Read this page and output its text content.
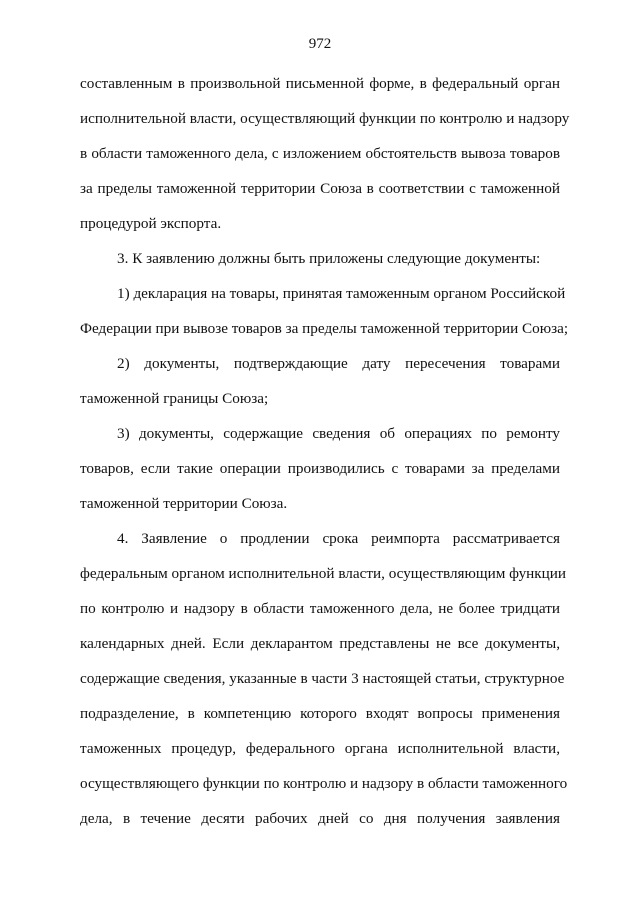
972
составленным в произвольной письменной форме, в федеральный орган
исполнительной власти, осуществляющий функции по контролю и надзору
в области таможенного дела, с изложением обстоятельств вывоза товаров
за пределы таможенной территории Союза в соответствии с таможенной
процедурой экспорта.
3. К заявлению должны быть приложены следующие документы:
1) декларация на товары, принятая таможенным органом Российской
Федерации при вывозе товаров за пределы таможенной территории Союза;
2) документы, подтверждающие дату пересечения товарами
таможенной границы Союза;
3) документы, содержащие сведения об операциях по ремонту
товаров, если такие операции производились с товарами за пределами
таможенной территории Союза.
4. Заявление о продлении срока реимпорта рассматривается
федеральным органом исполнительной власти, осуществляющим функции
по контролю и надзору в области таможенного дела, не более тридцати
календарных дней. Если декларантом представлены не все документы,
содержащие сведения, указанные в части 3 настоящей статьи, структурное
подразделение, в компетенцию которого входят вопросы применения
таможенных процедур, федерального органа исполнительной власти,
осуществляющего функции по контролю и надзору в области таможенного
дела, в течение десяти рабочих дней со дня получения заявления
